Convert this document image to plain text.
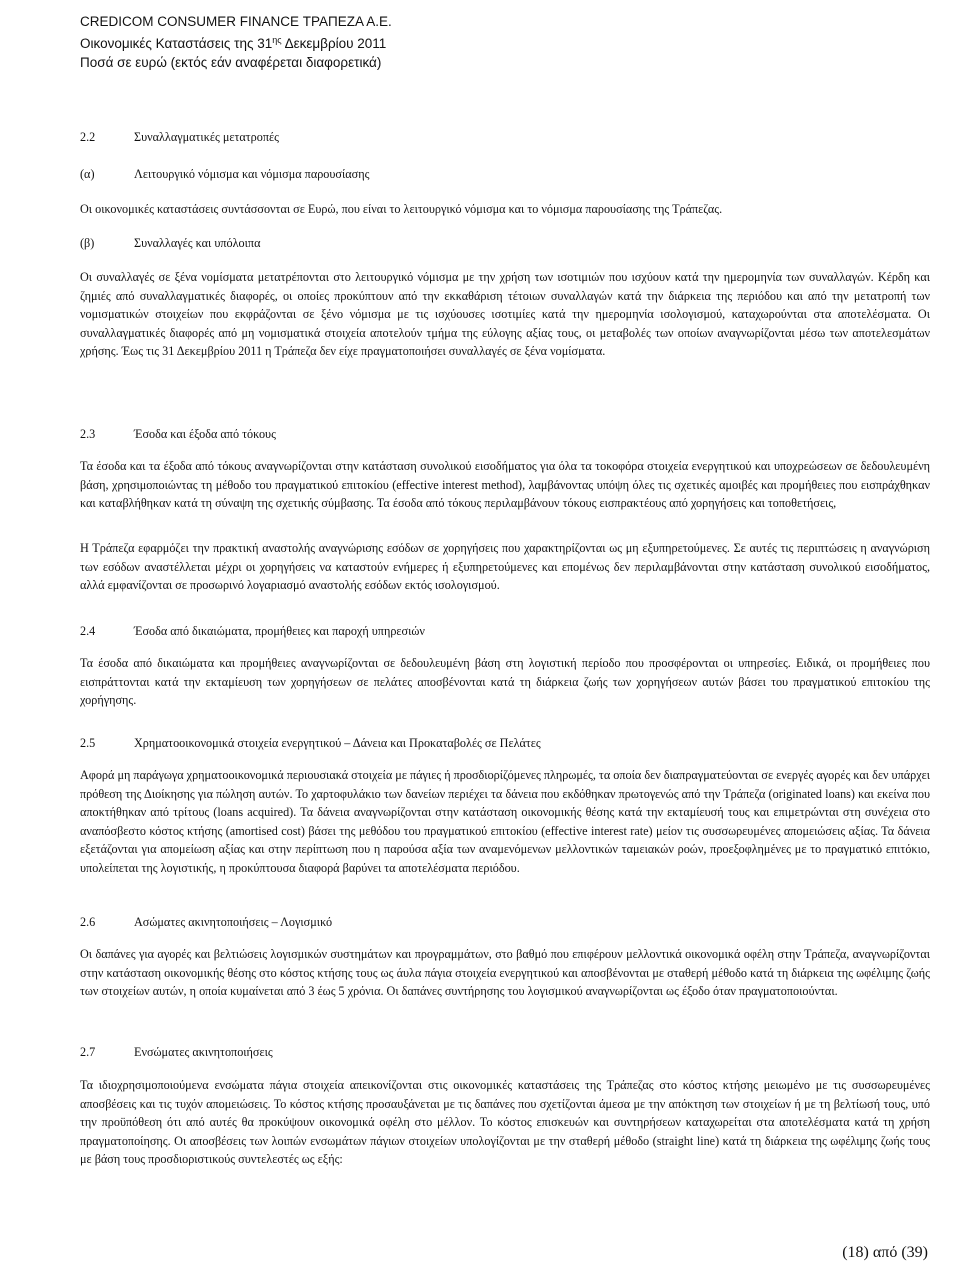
CREDICOM CONSUMER FINANCE ΤΡΑΠΕΖΑ Α.Ε.
Οικονομικές Καταστάσεις της $31^{\eta\varsigma}$ Δεκεμβρίου 2011
Ποσά σε ευρώ (εκτός εάν αναφέρεται διαφορετικά)
2.2	Συναλλαγματικές μετατροπές
(α)	Λειτουργικό νόμισμα και νόμισμα παρουσίασης

Οι οικονομικές καταστάσεις συντάσσονται σε Ευρώ, που είναι το λειτουργικό νόμισμα και το νόμισμα παρουσίασης της Τράπεζας.

(β)	Συναλλαγές και υπόλοιπα

Οι συναλλαγές σε ξένα νομίσματα μετατρέπονται στο λειτουργικό νόμισμα με την χρήση των ισοτιμιών που ισχύουν κατά την ημερομηνία των συναλλαγών. Κέρδη και ζημιές από συναλλαγματικές διαφορές, οι οποίες προκύπτουν από την εκκαθάριση τέτοιων συναλλαγών κατά την διάρκεια της περιόδου και από την μετατροπή των νομισματικών στοιχείων που εκφράζονται σε ξένο νόμισμα με τις ισχύουσες ισοτιμίες κατά την ημερομηνία ισολογισμού, καταχωρούνται στα αποτελέσματα. Οι συναλλαγματικές διαφορές από μη νομισματικά στοιχεία αποτελούν τμήμα της εύλογης αξίας τους, οι μεταβολές των οποίων αναγνωρίζονται μέσω των αποτελεσμάτων χρήσης. Έως τις 31 Δεκεμβρίου 2011 η Τράπεζα δεν είχε πραγματοποιήσει συναλλαγές σε ξένα νομίσματα.

2.3	Έσοδα και έξοδα από τόκους

Τα έσοδα και τα έξοδα από τόκους αναγνωρίζονται στην κατάσταση συνολικού εισοδήματος για όλα τα τοκοφόρα στοιχεία ενεργητικού και υποχρεώσεων σε δεδουλευμένη βάση, χρησιμοποιώντας τη μέθοδο του πραγματικού επιτοκίου (effective interest method), λαμβάνοντας υπόψη όλες τις σχετικές αμοιβές και προμήθειες που εισπράχθηκαν και καταβλήθηκαν κατά τη σύναψη της σχετικής σύμβασης. Τα έσοδα από τόκους περιλαμβάνουν τόκους εισπρακτέους από χορηγήσεις και τοποθετήσεις,

Η Τράπεζα εφαρμόζει την πρακτική αναστολής αναγνώρισης εσόδων σε χορηγήσεις που χαρακτηρίζονται ως μη εξυπηρετούμενες. Σε αυτές τις περιπτώσεις η αναγνώριση των εσόδων αναστέλλεται μέχρι οι χορηγήσεις να καταστούν ενήμερες ή εξυπηρετούμενες και επομένως δεν περιλαμβάνονται στην κατάσταση συνολικού εισοδήματος, αλλά εμφανίζονται σε προσωρινό λογαριασμό αναστολής εσόδων εκτός ισολογισμού.

2.4	Έσοδα από δικαιώματα, προμήθειες και παροχή υπηρεσιών

Τα έσοδα από δικαιώματα και προμήθειες αναγνωρίζονται σε δεδουλευμένη βάση στη λογιστική περίοδο που προσφέρονται οι υπηρεσίες. Ειδικά, οι προμήθειες που εισπράττονται κατά την εκταμίευση των χορηγήσεων σε πελάτες αποσβένονται κατά τη διάρκεια ζωής των χορηγήσεων αυτών βάσει του πραγματικού επιτοκίου της χορήγησης.

2.5	Χρηματοοικονομικά στοιχεία ενεργητικού – Δάνεια και Προκαταβολές σε Πελάτες

Αφορά μη παράγωγα χρηματοοικονομικά περιουσιακά στοιχεία με πάγιες ή προσδιορίζόμενες πληρωμές, τα οποία δεν διαπραγματεύονται σε ενεργές αγορές και δεν υπάρχει πρόθεση της Διοίκησης για πώληση αυτών. Το χαρτοφυλάκιο των δανείων περιέχει τα δάνεια που εκδόθηκαν πρωτογενώς από την Τράπεζα (originated loans) και εκείνα που αποκτήθηκαν από τρίτους (loans acquired). Τα δάνεια αναγνωρίζονται στην κατάσταση οικονομικής θέσης κατά την εκταμίευσή τους και επιμετρώνται στη συνέχεια στο αναπόσβεστο κόστος κτήσης (amortised cost) βάσει της μεθόδου του πραγματικού επιτοκίου (effective interest rate) μείον τις συσσωρευμένες απομειώσεις αξίας. Τα δάνεια εξετάζονται για απομείωση αξίας και στην περίπτωση που η παρούσα αξία των αναμενόμενων μελλοντικών ταμειακών ροών, προεξοφλημένες με το πραγματικό επιτόκιο, υπολείπεται της λογιστικής, η προκύπτουσα διαφορά βαρύνει τα αποτελέσματα περιόδου.

2.6	Ασώματες ακινητοποιήσεις – Λογισμικό

Οι δαπάνες για αγορές και βελτιώσεις λογισμικών συστημάτων και προγραμμάτων, στο βαθμό που επιφέρουν μελλοντικά οικονομικά οφέλη στην Τράπεζα, αναγνωρίζονται στην κατάσταση οικονομικής θέσης στο κόστος κτήσης τους ως άυλα πάγια στοιχεία ενεργητικού και αποσβένονται με σταθερή μέθοδο κατά τη διάρκεια της ωφέλιμης ζωής των στοιχείων αυτών, η οποία κυμαίνεται από 3 έως 5 χρόνια. Οι δαπάνες συντήρησης του λογισμικού αναγνωρίζονται ως έξοδο όταν πραγματοποιούνται.

2.7	Ενσώματες ακινητοποιήσεις

Τα ιδιοχρησιμοποιούμενα ενσώματα πάγια στοιχεία απεικονίζονται στις οικονομικές καταστάσεις της Τράπεζας στο κόστος κτήσης μειωμένο με τις συσσωρευμένες αποσβέσεις και τις τυχόν απομειώσεις. Το κόστος κτήσης προσαυξάνεται με τις δαπάνες που σχετίζονται άμεσα με την απόκτηση των στοιχείων ή με τη βελτίωσή τους, υπό την προϋπόθεση ότι από αυτές θα προκύψουν οικονομικά οφέλη στο μέλλον. Το κόστος επισκευών και συντηρήσεων καταχωρείται στα αποτελέσματα κατά τη χρήση πραγματοποίησης. Οι αποσβέσεις των λοιπών ενσωμάτων πάγιων στοιχείων υπολογίζονται με την σταθερή μέθοδο (straight line) κατά τη διάρκεια της ωφέλιμης ζωής τους με βάση τους προσδιοριστικούς συντελεστές ως εξής:

(18) από (39)
